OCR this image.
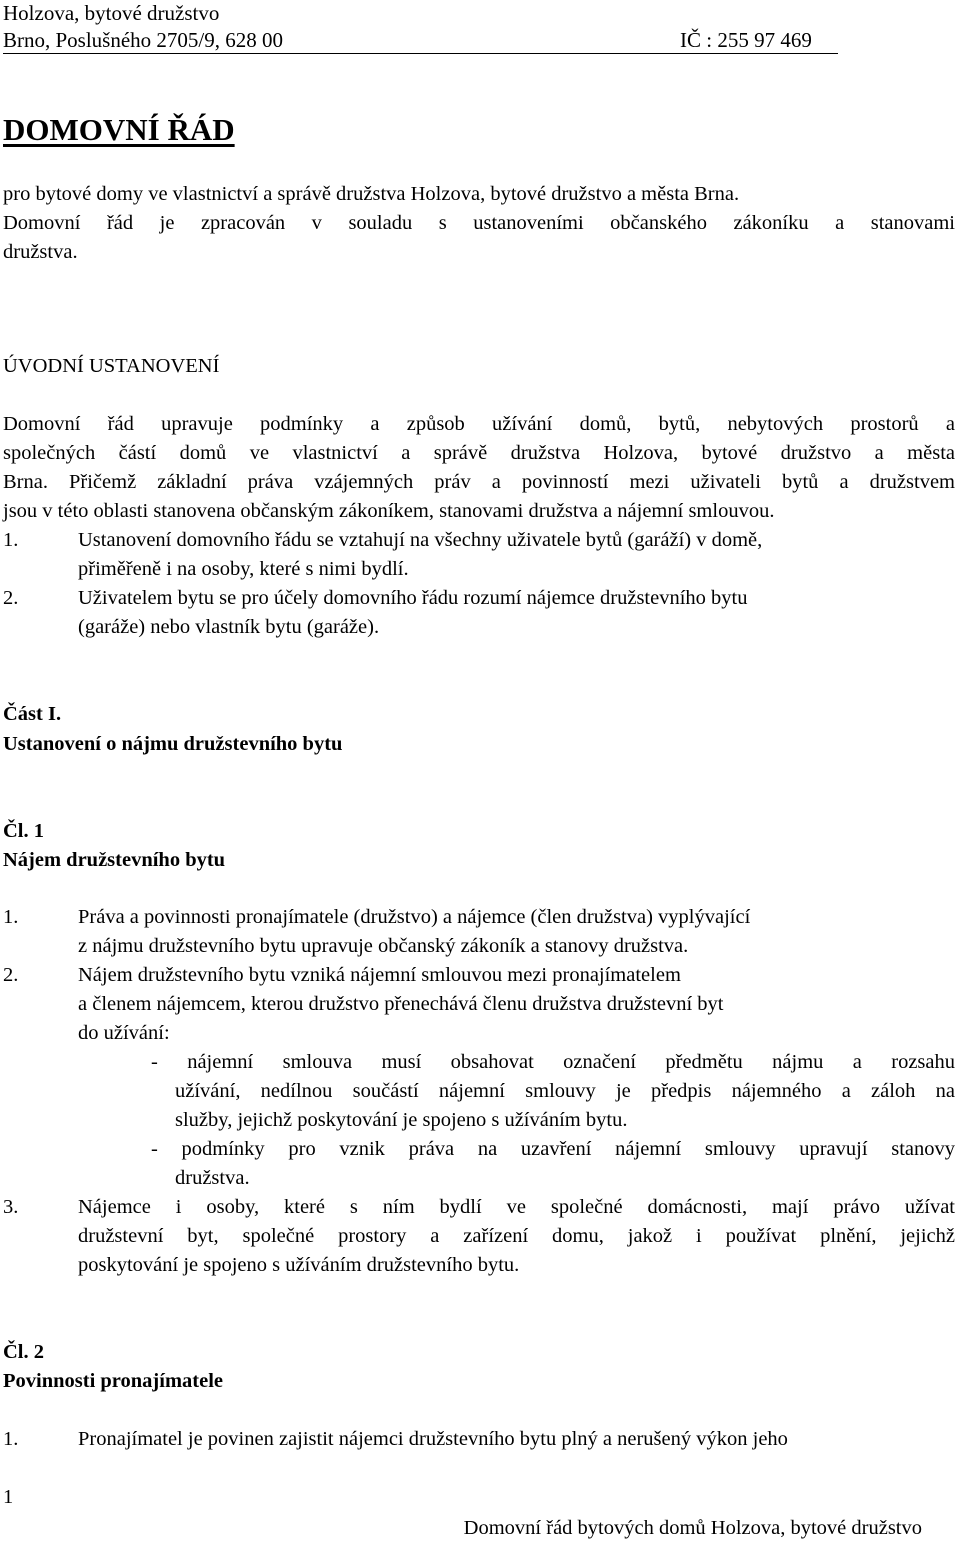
Holzova, bytové družstvo
Brno, Poslušného 2705/9, 628 00	IČ : 255 97 469
DOMOVNÍ ŘÁD
pro bytové domy ve vlastnictví a správě družstva Holzova, bytové družstvo a města Brna.
Domovní řád je zpracován v souladu s ustanoveními občanského zákoníku a stanovami
družstva.
ÚVODNÍ USTANOVENÍ
Domovní řád upravuje podmínky a způsob užívání domů, bytů, nebytových prostorů a
společných částí domů ve vlastnictví a správě družstva Holzova, bytové družstvo a města
Brna. Přičemž základní práva vzájemných práv a povinností mezi uživateli bytů a družstvem
jsou v této oblasti stanovena občanským zákoníkem, stanovami družstva a nájemní smlouvou.
1.	Ustanovení domovního řádu se vztahují na všechny uživatele bytů (garáží) v domě,
přiměřeně i na osoby, které s nimi bydlí.
2.	Uživatelem bytu se pro účely domovního řádu rozumí nájemce družstevního bytu
(garáže) nebo vlastník bytu (garáže).
Část I.
Ustanovení o nájmu družstevního bytu
Čl. 1
Nájem družstevního bytu
1.	Práva a povinnosti pronajímatele (družstvo) a nájemce (člen družstva) vyplývající
z nájmu družstevního bytu upravuje občanský zákoník a stanovy družstva.
2.	Nájem družstevního bytu vzniká nájemní smlouvou mezi pronajímatelem
a členem nájemcem, kterou družstvo přenechává členu družstva družstevní byt
do užívání:
- nájemní smlouva musí obsahovat označení předmětu nájmu a rozsahu
užívání, nedílnou součástí nájemní smlouvy je předpis nájemného a záloh na
služby, jejichž poskytování je spojeno s užíváním bytu.
- podmínky pro vznik práva na uzavření nájemní smlouvy upravují stanovy
družstva.
3.	Nájemce i osoby, které s ním bydlí ve společné domácnosti, mají právo užívat
družstevní byt, společné prostory a zařízení domu, jakož i používat plnění, jejichž
poskytování je spojeno s užíváním družstevního bytu.
Čl. 2
Povinnosti pronajímatele
1.	Pronajímatel je povinen zajistit nájemci družstevního bytu plný a nerušený výkon jeho
1
Domovní řád bytových domů Holzova, bytové družstvo
